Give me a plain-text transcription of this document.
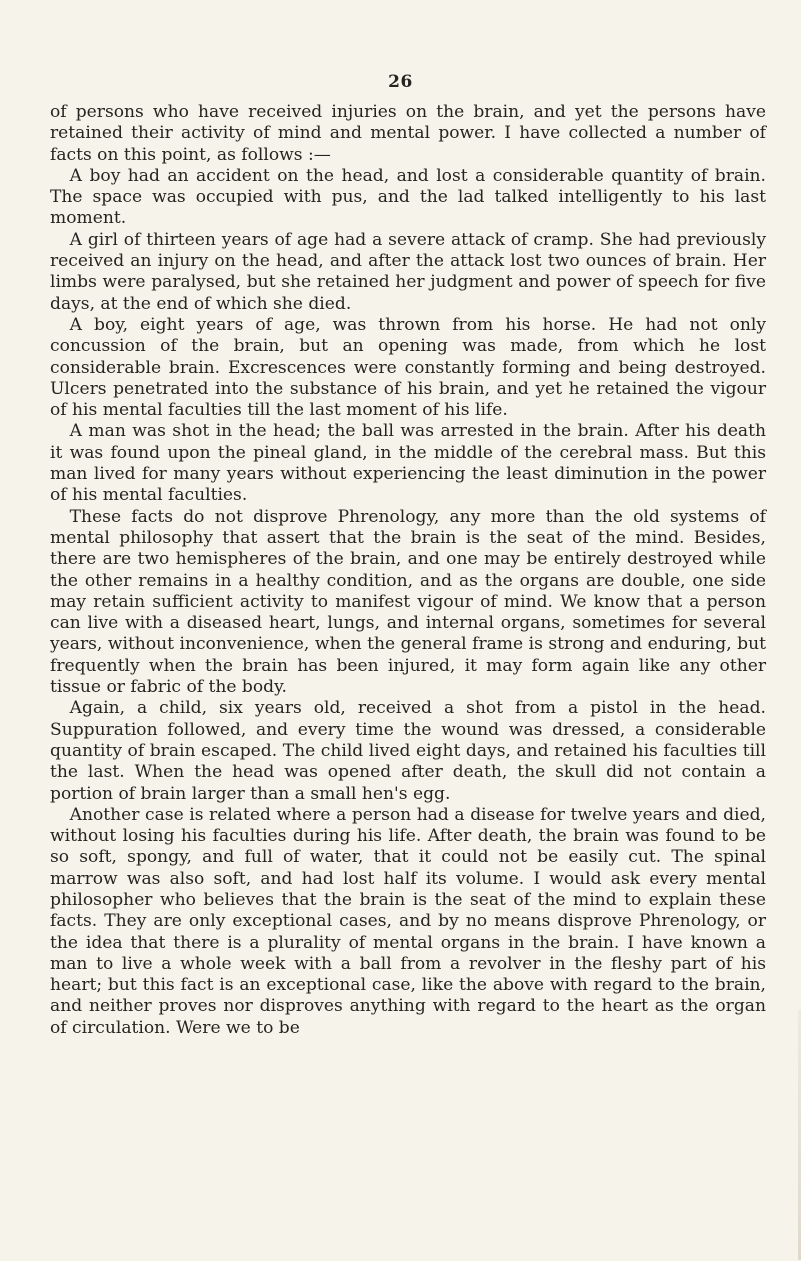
26

of persons who have received injuries on the brain, and yet the persons have retained their activity of mind and mental power. I have collected a number of facts on this point, as follows :—

A boy had an accident on the head, and lost a considerable quantity of brain. The space was occupied with pus, and the lad talked intelligently to his last moment.

A girl of thirteen years of age had a severe attack of cramp. She had previously received an injury on the head, and after the attack lost two ounces of brain. Her limbs were paralysed, but she retained her judgment and power of speech for five days, at the end of which she died.

A boy, eight years of age, was thrown from his horse. He had not only concussion of the brain, but an opening was made, from which he lost considerable brain. Excrescences were constantly forming and being destroyed. Ulcers penetrated into the substance of his brain, and yet he retained the vigour of his mental faculties till the last moment of his life.

A man was shot in the head; the ball was arrested in the brain. After his death it was found upon the pineal gland, in the middle of the cerebral mass. But this man lived for many years without experiencing the least diminution in the power of his mental faculties.

These facts do not disprove Phrenology, any more than the old systems of mental philosophy that assert that the brain is the seat of the mind. Besides, there are two hemispheres of the brain, and one may be entirely destroyed while the other remains in a healthy condition, and as the organs are double, one side may retain sufficient activity to manifest vigour of mind. We know that a person can live with a diseased heart, lungs, and internal organs, sometimes for several years, without inconvenience, when the general frame is strong and enduring, but frequently when the brain has been injured, it may form again like any other tissue or fabric of the body.

Again, a child, six years old, received a shot from a pistol in the head. Suppuration followed, and every time the wound was dressed, a considerable quantity of brain escaped. The child lived eight days, and retained his faculties till the last. When the head was opened after death, the skull did not contain a portion of brain larger than a small hen's egg.

Another case is related where a person had a disease for twelve years and died, without losing his faculties during his life. After death, the brain was found to be so soft, spongy, and full of water, that it could not be easily cut. The spinal marrow was also soft, and had lost half its volume. I would ask every mental philosopher who believes that the brain is the seat of the mind to explain these facts. They are only exceptional cases, and by no means disprove Phrenology, or the idea that there is a plurality of mental organs in the brain. I have known a man to live a whole week with a ball from a revolver in the fleshy part of his heart; but this fact is an exceptional case, like the above with regard to the brain, and neither proves nor disproves anything with regard to the heart as the organ of circulation. Were we to be
